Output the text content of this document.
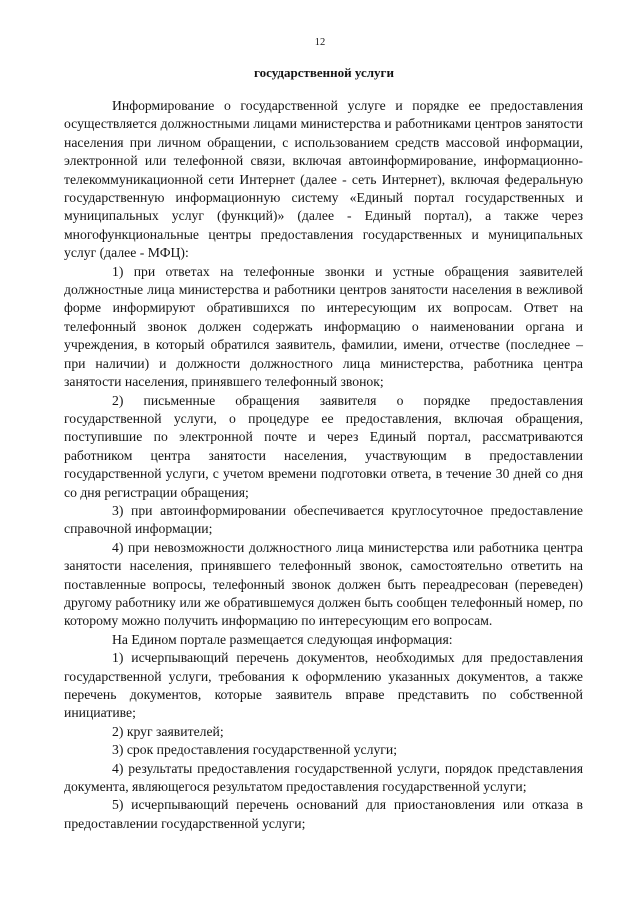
12
государственной услуги

Информирование о государственной услуге и порядке ее предоставления осуществляется должностными лицами министерства и работниками центров занятости населения при личном обращении, с использованием средств массовой информации, электронной или телефонной связи, включая автоинформирование, информационно-телекоммуникационной сети Интернет (далее - сеть Интернет), включая федеральную государственную информационную систему «Единый портал государственных и муниципальных услуг (функций)» (далее - Единый портал), а также через многофункциональные центры предоставления государственных и муниципальных услуг (далее - МФЦ):

1) при ответах на телефонные звонки и устные обращения заявителей должностные лица министерства и работники центров занятости населения в вежливой форме информируют обратившихся по интересующим их вопросам. Ответ на телефонный звонок должен содержать информацию о наименовании органа и учреждения, в который обратился заявитель, фамилии, имени, отчестве (последнее – при наличии) и должности должностного лица министерства, работника центра занятости населения, принявшего телефонный звонок;

2) письменные обращения заявителя о порядке предоставления государственной услуги, о процедуре ее предоставления, включая обращения, поступившие по электронной почте и через Единый портал, рассматриваются работником центра занятости населения, участвующим в предоставлении государственной услуги, с учетом времени подготовки ответа, в течение 30 дней со дня со дня регистрации обращения;

3) при автоинформировании обеспечивается круглосуточное предоставление справочной информации;

4) при невозможности должностного лица министерства или работника центра занятости населения, принявшего телефонный звонок, самостоятельно ответить на поставленные вопросы, телефонный звонок должен быть переадресован (переведен) другому работнику или же обратившемуся должен быть сообщен телефонный номер, по которому можно получить информацию по интересующим его вопросам.

На Едином портале размещается следующая информация:

1) исчерпывающий перечень документов, необходимых для предоставления государственной услуги, требования к оформлению указанных документов, а также перечень документов, которые заявитель вправе представить по собственной инициативе;

2) круг заявителей;

3) срок предоставления государственной услуги;

4) результаты предоставления государственной услуги, порядок представления документа, являющегося результатом предоставления государственной услуги;

5) исчерпывающий перечень оснований для приостановления или отказа в предоставлении государственной услуги;
